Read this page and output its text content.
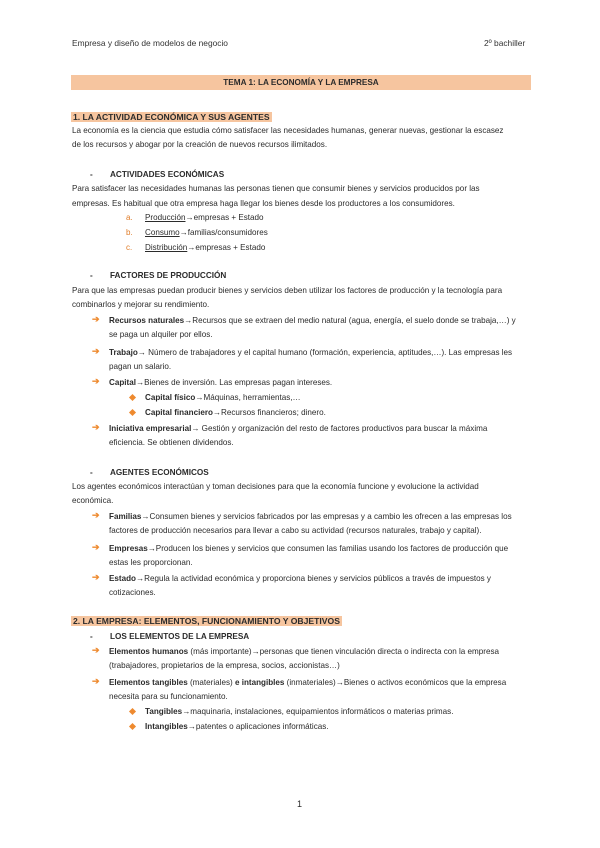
Empresa y diseño de modelos de negocio	2º bachiller
TEMA 1: LA ECONOMÍA Y LA EMPRESA
1. LA ACTIVIDAD ECONÓMICA Y SUS AGENTES
La economía es la ciencia que estudia cómo satisfacer las necesidades humanas, generar nuevas, gestionar la escasez
de los recursos y abogar por la creación de nuevos recursos ilimitados.
- ACTIVIDADES ECONÓMICAS
Para satisfacer las necesidades humanas las personas tienen que consumir bienes y servicios producidos por las
empresas. Es habitual que otra empresa haga llegar los bienes desde los productores a los consumidores.
a. Producción→empresas + Estado
b. Consumo→familias/consumidores
c. Distribución→empresas + Estado
- FACTORES DE PRODUCCIÓN
Para que las empresas puedan producir bienes y servicios deben utilizar los factores de producción y la tecnología para
combinarlos y mejorar su rendimiento.
➔ Recursos naturales→Recursos que se extraen del medio natural (agua, energía, el suelo donde se trabaja,…) y
se paga un alquiler por ellos.
➔ Trabajo→ Número de trabajadores y el capital humano (formación, experiencia, aptitudes,…). Las empresas les
pagan un salario.
➔ Capital→Bienes de inversión. Las empresas pagan intereses.
Capital físico→Máquinas, herramientas,…
Capital financiero→Recursos financieros; dinero.
➔ Iniciativa empresarial→ Gestión y organización del resto de factores productivos para buscar la máxima
eficiencia. Se obtienen dividendos.
- AGENTES ECONÓMICOS
Los agentes económicos interactúan y toman decisiones para que la economía funcione y evolucione la actividad
económica.
➔ Familias→Consumen bienes y servicios fabricados por las empresas y a cambio les ofrecen a las empresas los
factores de producción necesarios para llevar a cabo su actividad (recursos naturales, trabajo y capital).
➔ Empresas→Producen los bienes y servicios que consumen las familias usando los factores de producción que
estas les proporcionan.
➔ Estado→Regula la actividad económica y proporciona bienes y servicios públicos a través de impuestos y
cotizaciones.
2. LA EMPRESA: ELEMENTOS, FUNCIONAMIENTO Y OBJETIVOS
- LOS ELEMENTOS DE LA EMPRESA
➔ Elementos humanos (más importante)→personas que tienen vinculación directa o indirecta con la empresa
(trabajadores, propietarios de la empresa, socios, accionistas…)
➔ Elementos tangibles (materiales) e intangibles (inmateriales)→Bienes o activos económicos que la empresa
necesita para su funcionamiento.
Tangibles→maquinaria, instalaciones, equipamientos informáticos o materias primas.
Intangibles→patentes o aplicaciones informáticas.
1
